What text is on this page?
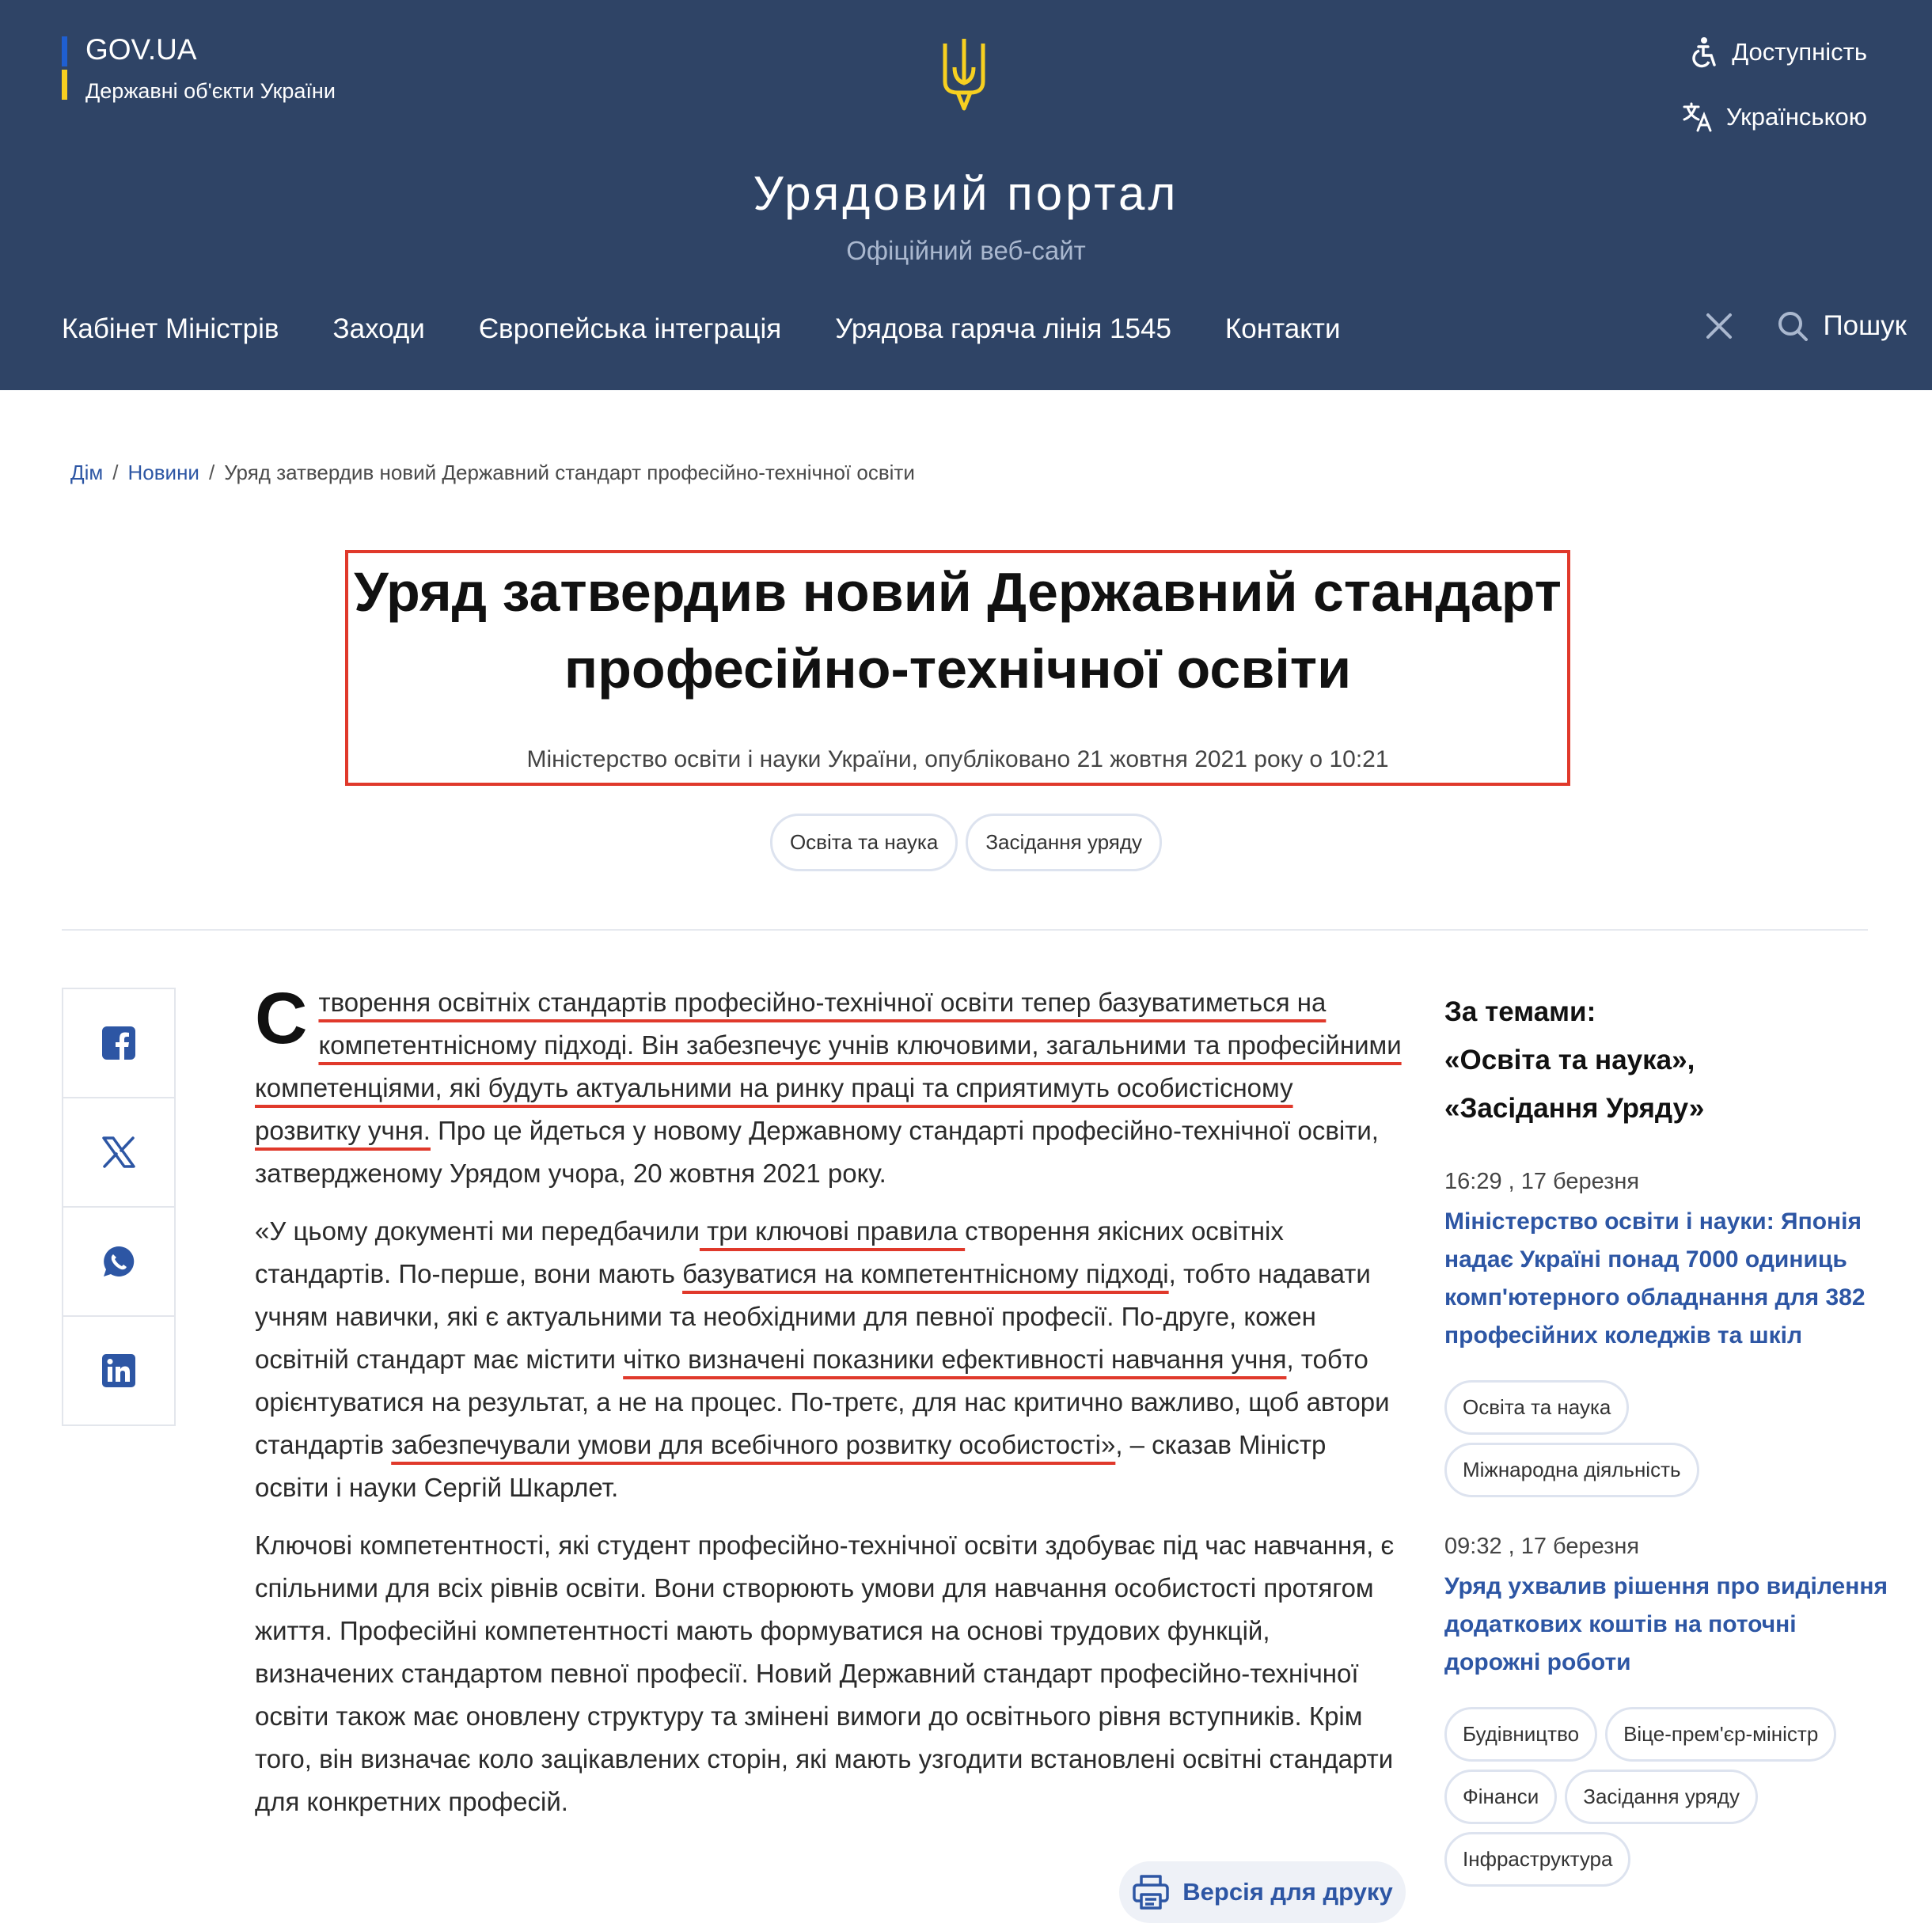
GOV.UA
Державні об'єкти України
Доступність
Українською
Урядовий портал
Офіційний веб-сайт
Кабінет Міністрів Заходи Європейська інтеграція Урядова гаряча лінія 1545 Контакти	Пошук
Дім / Новини / Уряд затвердив новий Державний стандарт професійно-технічної освіти
Уряд затвердив новий Державний стандарт професійно-технічної освіти
Міністерство освіти і науки України, опубліковано 21 жовтня 2021 року о 10:21
Освіта та наука	Засідання уряду

Створення освітніх стандартів професійно-технічної освіти тепер базуватиметься на компетентнісному підході. Він забезпечує учнів ключовими, загальними та професійними компетенціями, які будуть актуальними на ринку праці та сприятимуть особистісному розвитку учня. Про це йдеться у новому Державному стандарті професійно-технічної освіти, затвердженому Урядом учора, 20 жовтня 2021 року.

«У цьому документі ми передбачили три ключові правила створення якісних освітніх стандартів. По-перше, вони мають базуватися на компетентнісному підході, тобто надавати учням навички, які є актуальними та необхідними для певної професії. По-друге, кожен освітній стандарт має містити чітко визначені показники ефективності навчання учня, тобто орієнтуватися на результат, а не на процес. По-третє, для нас критично важливо, щоб автори стандартів забезпечували умови для всебічного розвитку особистості», – сказав Міністр освіти і науки Сергій Шкарлет.

Ключові компетентності, які студент професійно-технічної освіти здобуває під час навчання, є спільними для всіх рівнів освіти. Вони створюють умови для навчання особистості протягом життя. Професійні компетентності мають формуватися на основі трудових функцій, визначених стандартом певної професії. Новий Державний стандарт професійно-технічної освіти також має оновлену структуру та змінені вимоги до освітнього рівня вступників. Крім того, він визначає коло зацікавлених сторін, які мають узгодити встановлені освітні стандарти для конкретних професій.

Версія для друку
За темами:
«Освіта та наука»,
«Засідання Уряду»
16:29 , 17 березня
Міністерство освіти і науки: Японія надає Україні понад 7000 одиниць комп'ютерного обладнання для 382 професійних коледжів та шкіл
Освіта та наука
Міжнародна діяльність
09:32 , 17 березня
Уряд ухвалив рішення про виділення додаткових коштів на поточні дорожні роботи
Будівництво	Віце-прем'єр-міністр
Фінанси	Засідання уряду
Інфраструктура
